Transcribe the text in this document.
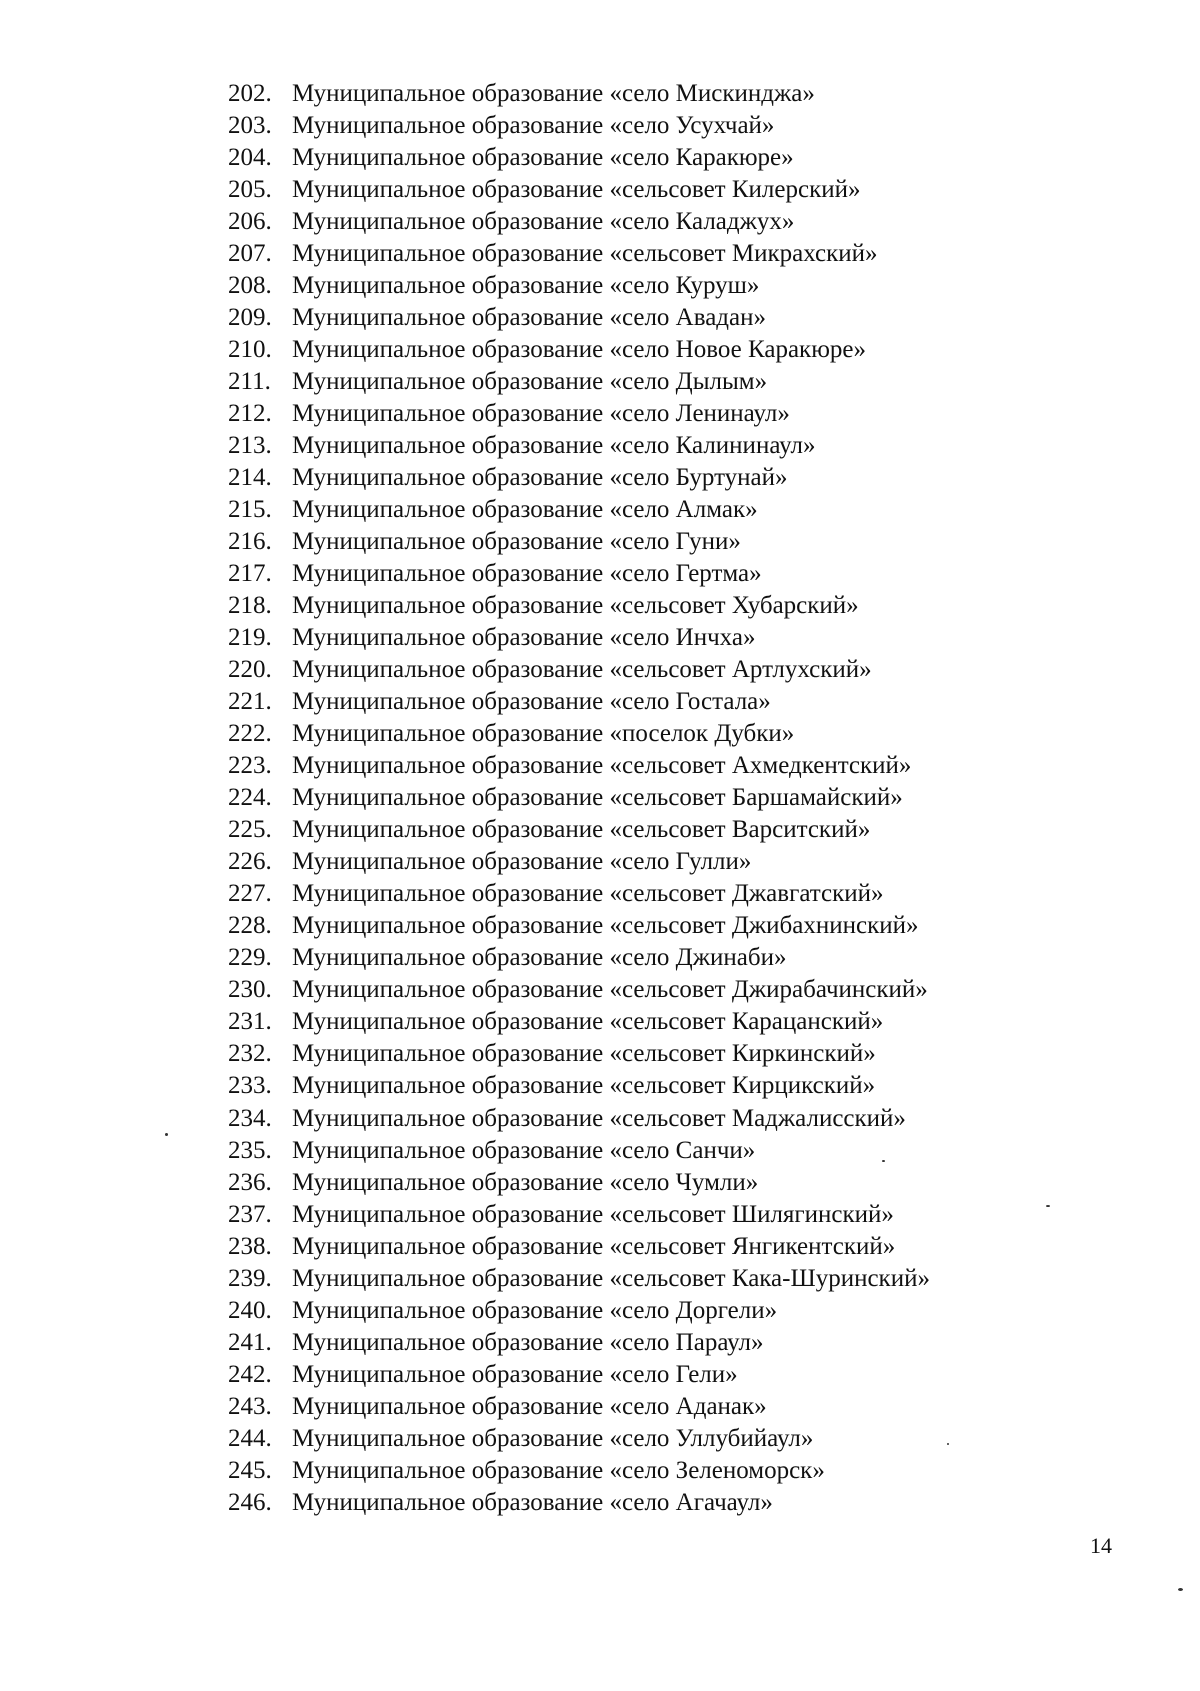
202. Муниципальное образование «село Мискинджа»
203. Муниципальное образование «село Усухчай»
204. Муниципальное образование «село Каракюре»
205. Муниципальное образование «сельсовет Килерский»
206. Муниципальное образование «село Каладжух»
207. Муниципальное образование «сельсовет Микрахский»
208. Муниципальное образование «село Куруш»
209. Муниципальное образование «село Авадан»
210. Муниципальное образование «село Новое Каракюре»
211. Муниципальное образование «село Дылым»
212. Муниципальное образование «село Ленинаул»
213. Муниципальное образование «село Калининаул»
214. Муниципальное образование «село Буртунай»
215. Муниципальное образование «село Алмак»
216. Муниципальное образование «село Гуни»
217. Муниципальное образование «село Гертма»
218. Муниципальное образование «сельсовет Хубарский»
219. Муниципальное образование «село Инчха»
220. Муниципальное образование «сельсовет Артлухский»
221. Муниципальное образование «село Гостала»
222. Муниципальное образование «поселок Дубки»
223. Муниципальное образование «сельсовет Ахмедкентский»
224. Муниципальное образование «сельсовет Баршамайский»
225. Муниципальное образование «сельсовет Варситский»
226. Муниципальное образование «село Гулли»
227. Муниципальное образование «сельсовет Джавгатский»
228. Муниципальное образование «сельсовет Джибахнинский»
229. Муниципальное образование «село Джинаби»
230. Муниципальное образование «сельсовет Джирабачинский»
231. Муниципальное образование «сельсовет Карацанский»
232. Муниципальное образование «сельсовет Киркинский»
233. Муниципальное образование «сельсовет Кирцикский»
234. Муниципальное образование «сельсовет Маджалисский»
235. Муниципальное образование «село Санчи»
236. Муниципальное образование «село Чумли»
237. Муниципальное образование «сельсовет Шилягинский»
238. Муниципальное образование «сельсовет Янгикентский»
239. Муниципальное образование «сельсовет Кака-Шуринский»
240. Муниципальное образование «село Доргели»
241. Муниципальное образование «село Параул»
242. Муниципальное образование «село Гели»
243. Муниципальное образование «село Аданак»
244. Муниципальное образование «село Уллубийаул»
245. Муниципальное образование «село Зеленоморск»
246. Муниципальное образование «село Агачаул»
14
